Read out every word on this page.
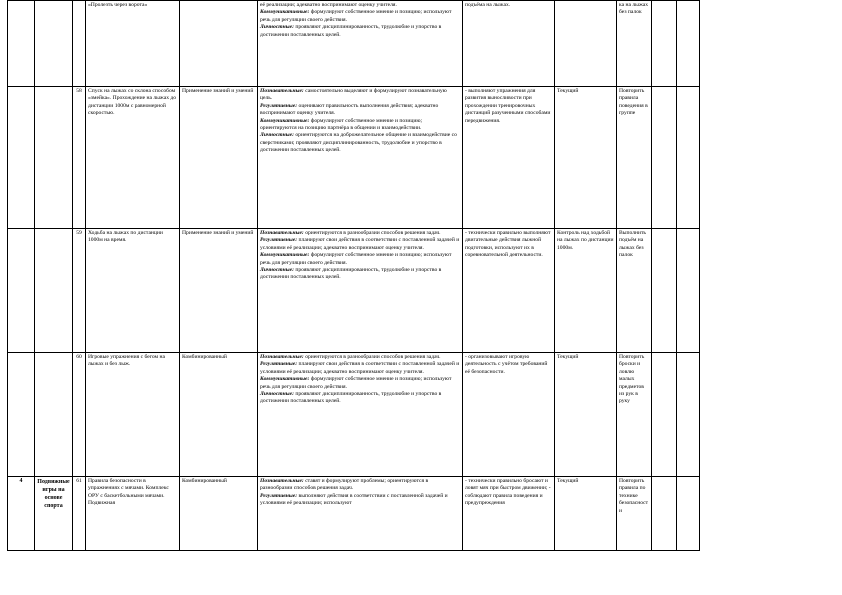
			«Пролезть через ворота»		её реализации; адекватно воспринимают оценку учителя.
Коммуникативные: формулируют собственное мнение и позицию; используют речь для регуляции своего действия.
Личностные: проявляют дисциплинированность, трудолюбие и упорство в достижении поставленных целей.	подъёма на лыжах.		ка на лыжах без палок		
		58	Спуск на лыжах со склона способом «змейка». Прохождение на лыжах до дистанции 1000м с равномерной скоростью.	Применение знаний и умений	Познавательные: самостоятельно выделяют и формулируют познавательную цель.
Регулятивные: оценивают правильность выполнения действия; адекватно воспринимают оценку учителя.
Коммуникативные: формулируют собственное мнение и позицию; ориентируются на позицию партнёра в общении и взаимодействии.
Личностные: ориентируются на доброжелательное общение и взаимодействие со сверстниками; проявляют дисциплинированность, трудолюбие и упорство в достижении поставленных целей.	- выполняют упражнения для развития выносливости при прохождении тренировочных дистанций разученными способами передвижения.	Текущий	Повторить правила поведения в группе		
		59	Ходьба на лыжах по дистанции 1000м на время.	Применение знаний и умений	Познавательные: ориентируются в разнообразии способов решения задач.
Регулятивные: планируют свои действия в соответствии с поставленной задачей и условиями её реализации; адекватно воспринимают оценку учителя.
Коммуникативные: формулируют собственное мнение и позицию; используют речь для регуляции своего действия.
Личностные: проявляют дисциплинированность, трудолюбие и упорство в достижении поставленных целей.	- технически правильно выполняют двигательные действия лыжной подготовки, используют их в соревновательной деятельности.	Контроль над ходьбой на лыжах по дистанции 1000м.	Выполнить подъём на лыжах без палок		
		60	Игровые упражнения с бегом на лыжах и без лыж.	Комбинированный	Познавательные: ориентируются в разнообразии способов решения задач.
Регулятивные: планируют свои действия в соответствии с поставленной задачей и условиями её реализации; адекватно воспринимают оценку учителя.
Коммуникативные: формулируют собственное мнение и позицию; используют речь для регуляции своего действия.
Личностные: проявляют дисциплинированность, трудолюбие и упорство в достижении поставленных целей.	- организовывают игровую деятельность с учётом требований её безопасности.	Текущий	Повторить броски и ловлю малых предметов из рук в руку		
4	Подвижные игры на основе спорта	61	Правила безопасности в упражнениях с мячами. Комплекс ОРУ с баскетбольными мячами. Подвижная	Комбинированный	Познавательные: ставят и формулируют проблемы; ориентируются в разнообразии способов решения задач.
Регулятивные: выполняют действия в соответствии с поставленной задачей и условиями её реализации; используют	- технически правильно бросают и ловят мяч при быстром движении; - соблюдают правила поведения и предупреждения	Текущий	Повторить правила по технике безопасности		
